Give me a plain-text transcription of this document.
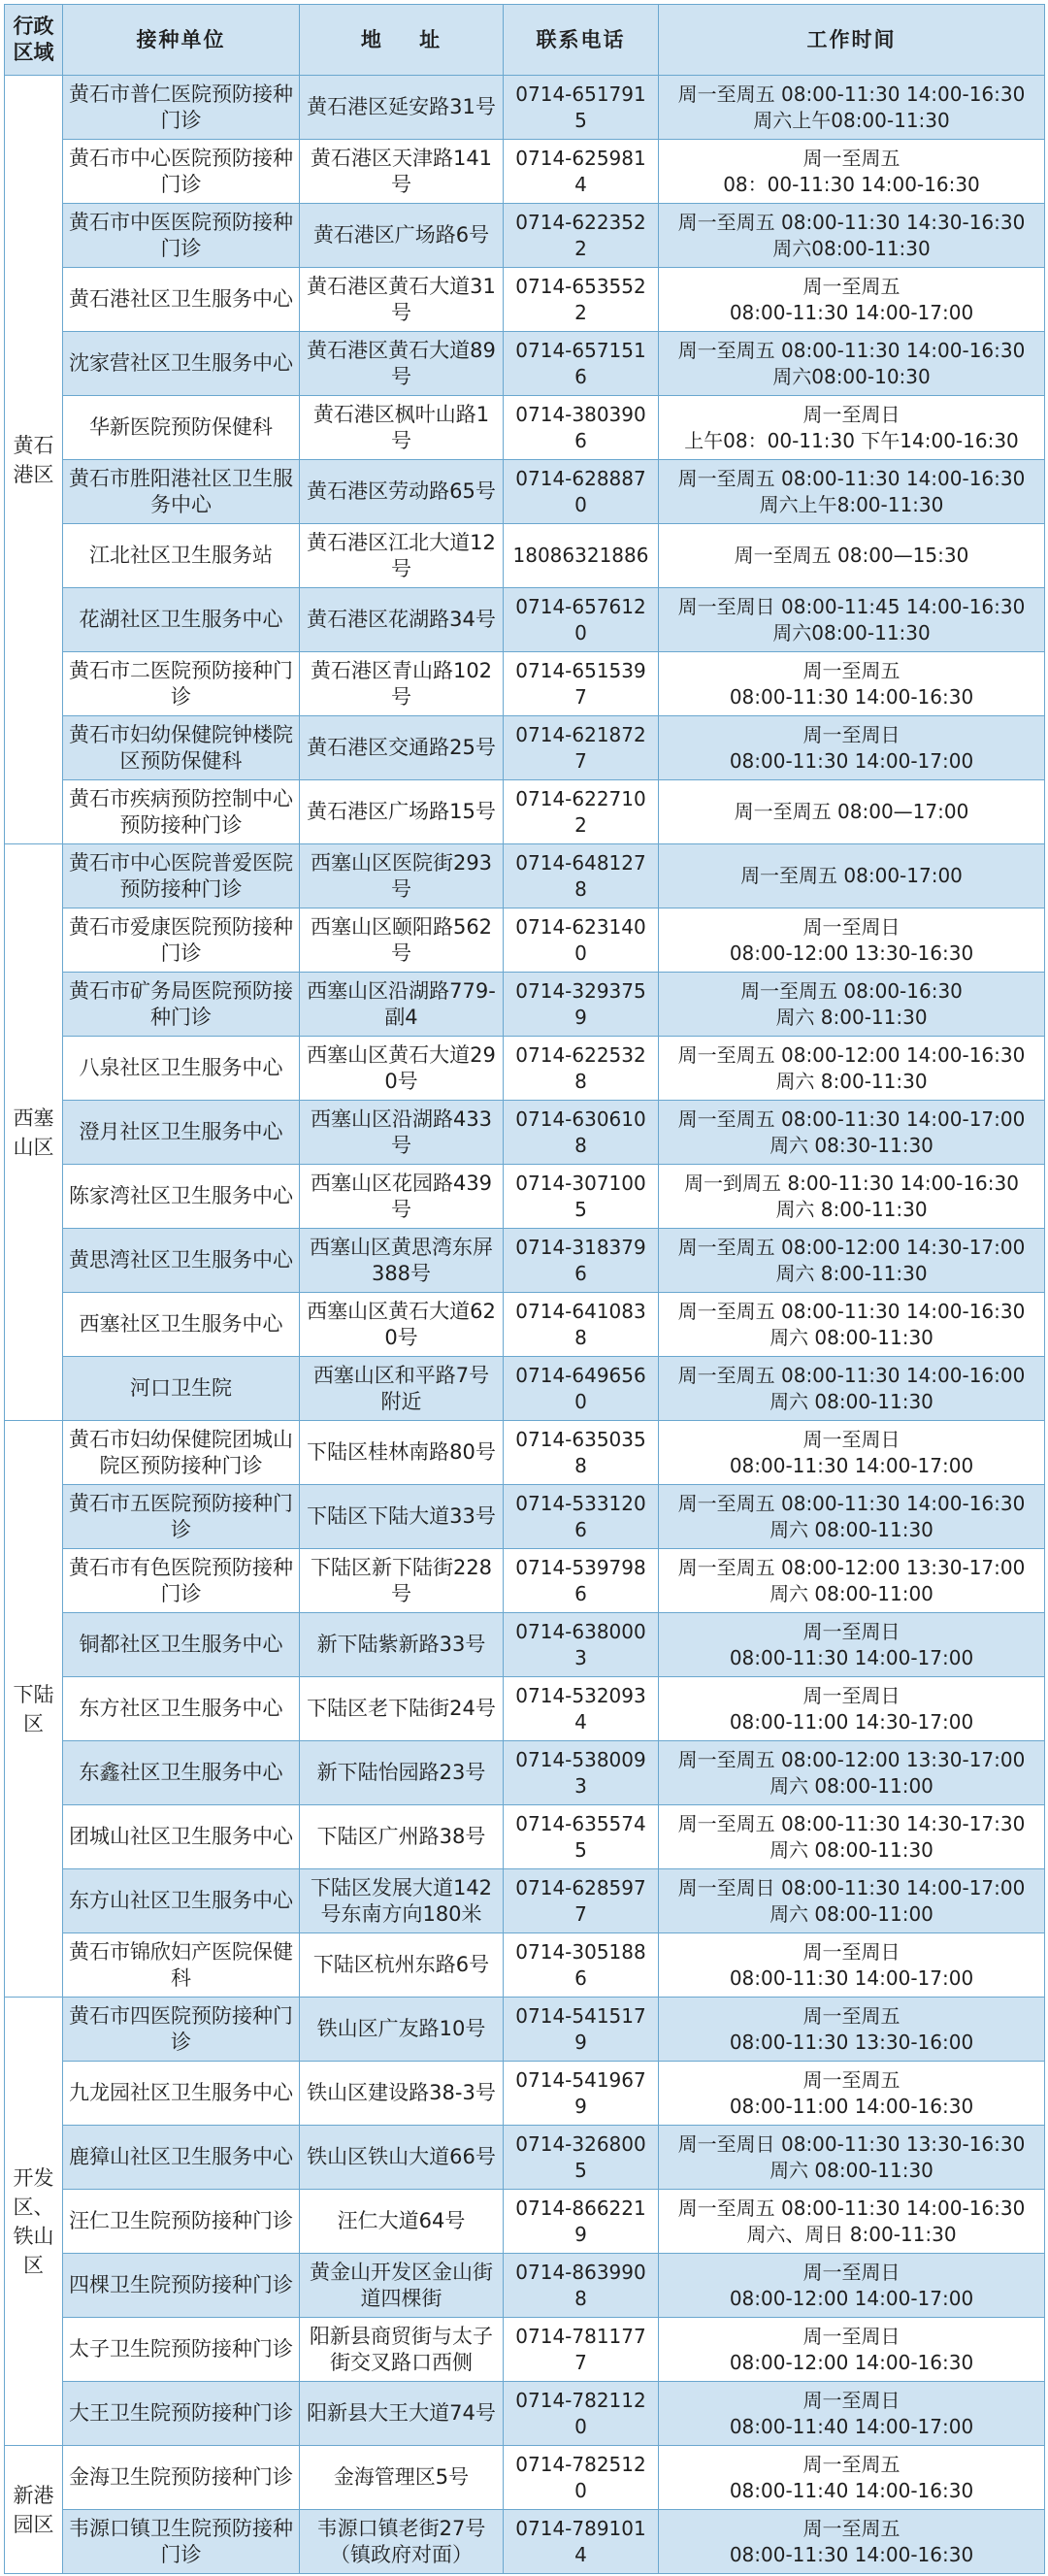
行政区域	接种单位	地    址	联系电话	工作时间
黄石港区	黄石市普仁医院预防接种门诊	黄石港区延安路31号	0714-6517915	周一至周五 08:00-11:30 14:00-16:30
周六上午08:00-11:30
	黄石市中心医院预防接种门诊	黄石港区天津路141号	0714-6259814	周一至周五
08：00-11:30 14:00-16:30
	黄石市中医医院预防接种门诊	黄石港区广场路6号	0714-6223522	周一至周五 08:00-11:30 14:30-16:30
周六08:00-11:30
	黄石港社区卫生服务中心	黄石港区黄石大道31号	0714-6535522	周一至周五
08:00-11:30 14:00-17:00
	沈家营社区卫生服务中心	黄石港区黄石大道89号	0714-6571516	周一至周五 08:00-11:30 14:00-16:30
周六08:00-10:30
	华新医院预防保健科	黄石港区枫叶山路1号	0714-3803906	周一至周日
上午08：00-11:30 下午14:00-16:30
	黄石市胜阳港社区卫生服务中心	黄石港区劳动路65号	0714-6288870	周一至周五 08:00-11:30 14:00-16:30
周六上午8:00-11:30
	江北社区卫生服务站	黄石港区江北大道12号	18086321886	周一至周五 08:00—15:30
	花湖社区卫生服务中心	黄石港区花湖路34号	0714-6576120	周一至周日 08:00-11:45 14:00-16:30
周六08:00-11:30
	黄石市二医院预防接种门诊	黄石港区青山路102号	0714-6515397	周一至周五
08:00-11:30 14:00-16:30
	黄石市妇幼保健院钟楼院区预防保健科	黄石港区交通路25号	0714-6218727	周一至周日
08:00-11:30 14:00-17:00
	黄石市疾病预防控制中心预防接种门诊	黄石港区广场路15号	0714-6227102	周一至周五 08:00—17:00
西塞山区	黄石市中心医院普爱医院预防接种门诊	西塞山区医院街293号	0714-6481278	周一至周五 08:00-17:00
	黄石市爱康医院预防接种门诊	西塞山区颐阳路562号	0714-6231400	周一至周日
08:00-12:00 13:30-16:30
	黄石市矿务局医院预防接种门诊	西塞山区沿湖路779-副4	0714-3293759	周一至周五 08:00-16:30
周六 8:00-11:30
	八泉社区卫生服务中心	西塞山区黄石大道290号	0714-6225328	周一至周五 08:00-12:00 14:00-16:30
周六 8:00-11:30
	澄月社区卫生服务中心	西塞山区沿湖路433号	0714-6306108	周一至周五 08:00-11:30 14:00-17:00
周六 08:30-11:30
	陈家湾社区卫生服务中心	西塞山区花园路439号	0714-3071005	周一到周五 8:00-11:30 14:00-16:30
周六 8:00-11:30
	黄思湾社区卫生服务中心	西塞山区黄思湾东屏388号	0714-3183796	周一至周五 08:00-12:00 14:30-17:00
周六 8:00-11:30
	西塞社区卫生服务中心	西塞山区黄石大道620号	0714-6410838	周一至周五 08:00-11:30 14:00-16:30
周六 08:00-11:30
	河口卫生院	西塞山区和平路7号附近	0714-6496560	周一至周五 08:00-11:30 14:00-16:00
周六 08:00-11:30
下陆区	黄石市妇幼保健院团城山院区预防接种门诊	下陆区桂林南路80号	0714-6350358	周一至周日
08:00-11:30 14:00-17:00
	黄石市五医院预防接种门诊	下陆区下陆大道33号	0714-5331206	周一至周五 08:00-11:30 14:00-16:30
周六 08:00-11:30
	黄石市有色医院预防接种门诊	下陆区新下陆街228号	0714-5397986	周一至周五 08:00-12:00 13:30-17:00
周六 08:00-11:00
	铜都社区卫生服务中心	新下陆紫新路33号	0714-6380003	周一至周日
08:00-11:30 14:00-17:00
	东方社区卫生服务中心	下陆区老下陆街24号	0714-5320934	周一至周日
08:00-11:00 14:30-17:00
	东鑫社区卫生服务中心	新下陆怡园路23号	0714-5380093	周一至周五 08:00-12:00 13:30-17:00
周六 08:00-11:00
	团城山社区卫生服务中心	下陆区广州路38号	0714-6355745	周一至周五 08:00-11:30 14:30-17:30
周六 08:00-11:30
	东方山社区卫生服务中心	下陆区发展大道142号东南方向180米	0714-6285977	周一至周日 08:00-11:30 14:00-17:00
周六 08:00-11:00
	黄石市锦欣妇产医院保健科	下陆区杭州东路6号	0714-3051886	周一至周日
08:00-11:30 14:00-17:00
开发区、铁山区	黄石市四医院预防接种门诊	铁山区广友路10号	0714-5415179	周一至周五
08:00-11:30 13:30-16:00
	九龙园社区卫生服务中心	铁山区建设路38-3号	0714-5419679	周一至周五
08:00-11:00 14:00-16:30
	鹿獐山社区卫生服务中心	铁山区铁山大道66号	0714-3268005	周一至周日 08:00-11:30 13:30-16:30
周六 08:00-11:30
	汪仁卫生院预防接种门诊	汪仁大道64号	0714-8662219	周一至周五 08:00-11:30 14:00-16:30
周六、周日 8:00-11:30
	四棵卫生院预防接种门诊	黄金山开发区金山街道四棵街	0714-8639908	周一至周日
08:00-12:00 14:00-17:00
	太子卫生院预防接种门诊	阳新县商贸街与太子街交叉路口西侧	0714-7811777	周一至周日
08:00-12:00 14:00-16:30
	大王卫生院预防接种门诊	阳新县大王大道74号	0714-7821120	周一至周日
08:00-11:40 14:00-17:00
新港园区	金海卫生院预防接种门诊	金海管理区5号	0714-7825120	周一至周五
08:00-11:40 14:00-16:30
	韦源口镇卫生院预防接种门诊	韦源口镇老街27号（镇政府对面）	0714-7891014	周一至周五
08:00-11:30 14:00-16:30
